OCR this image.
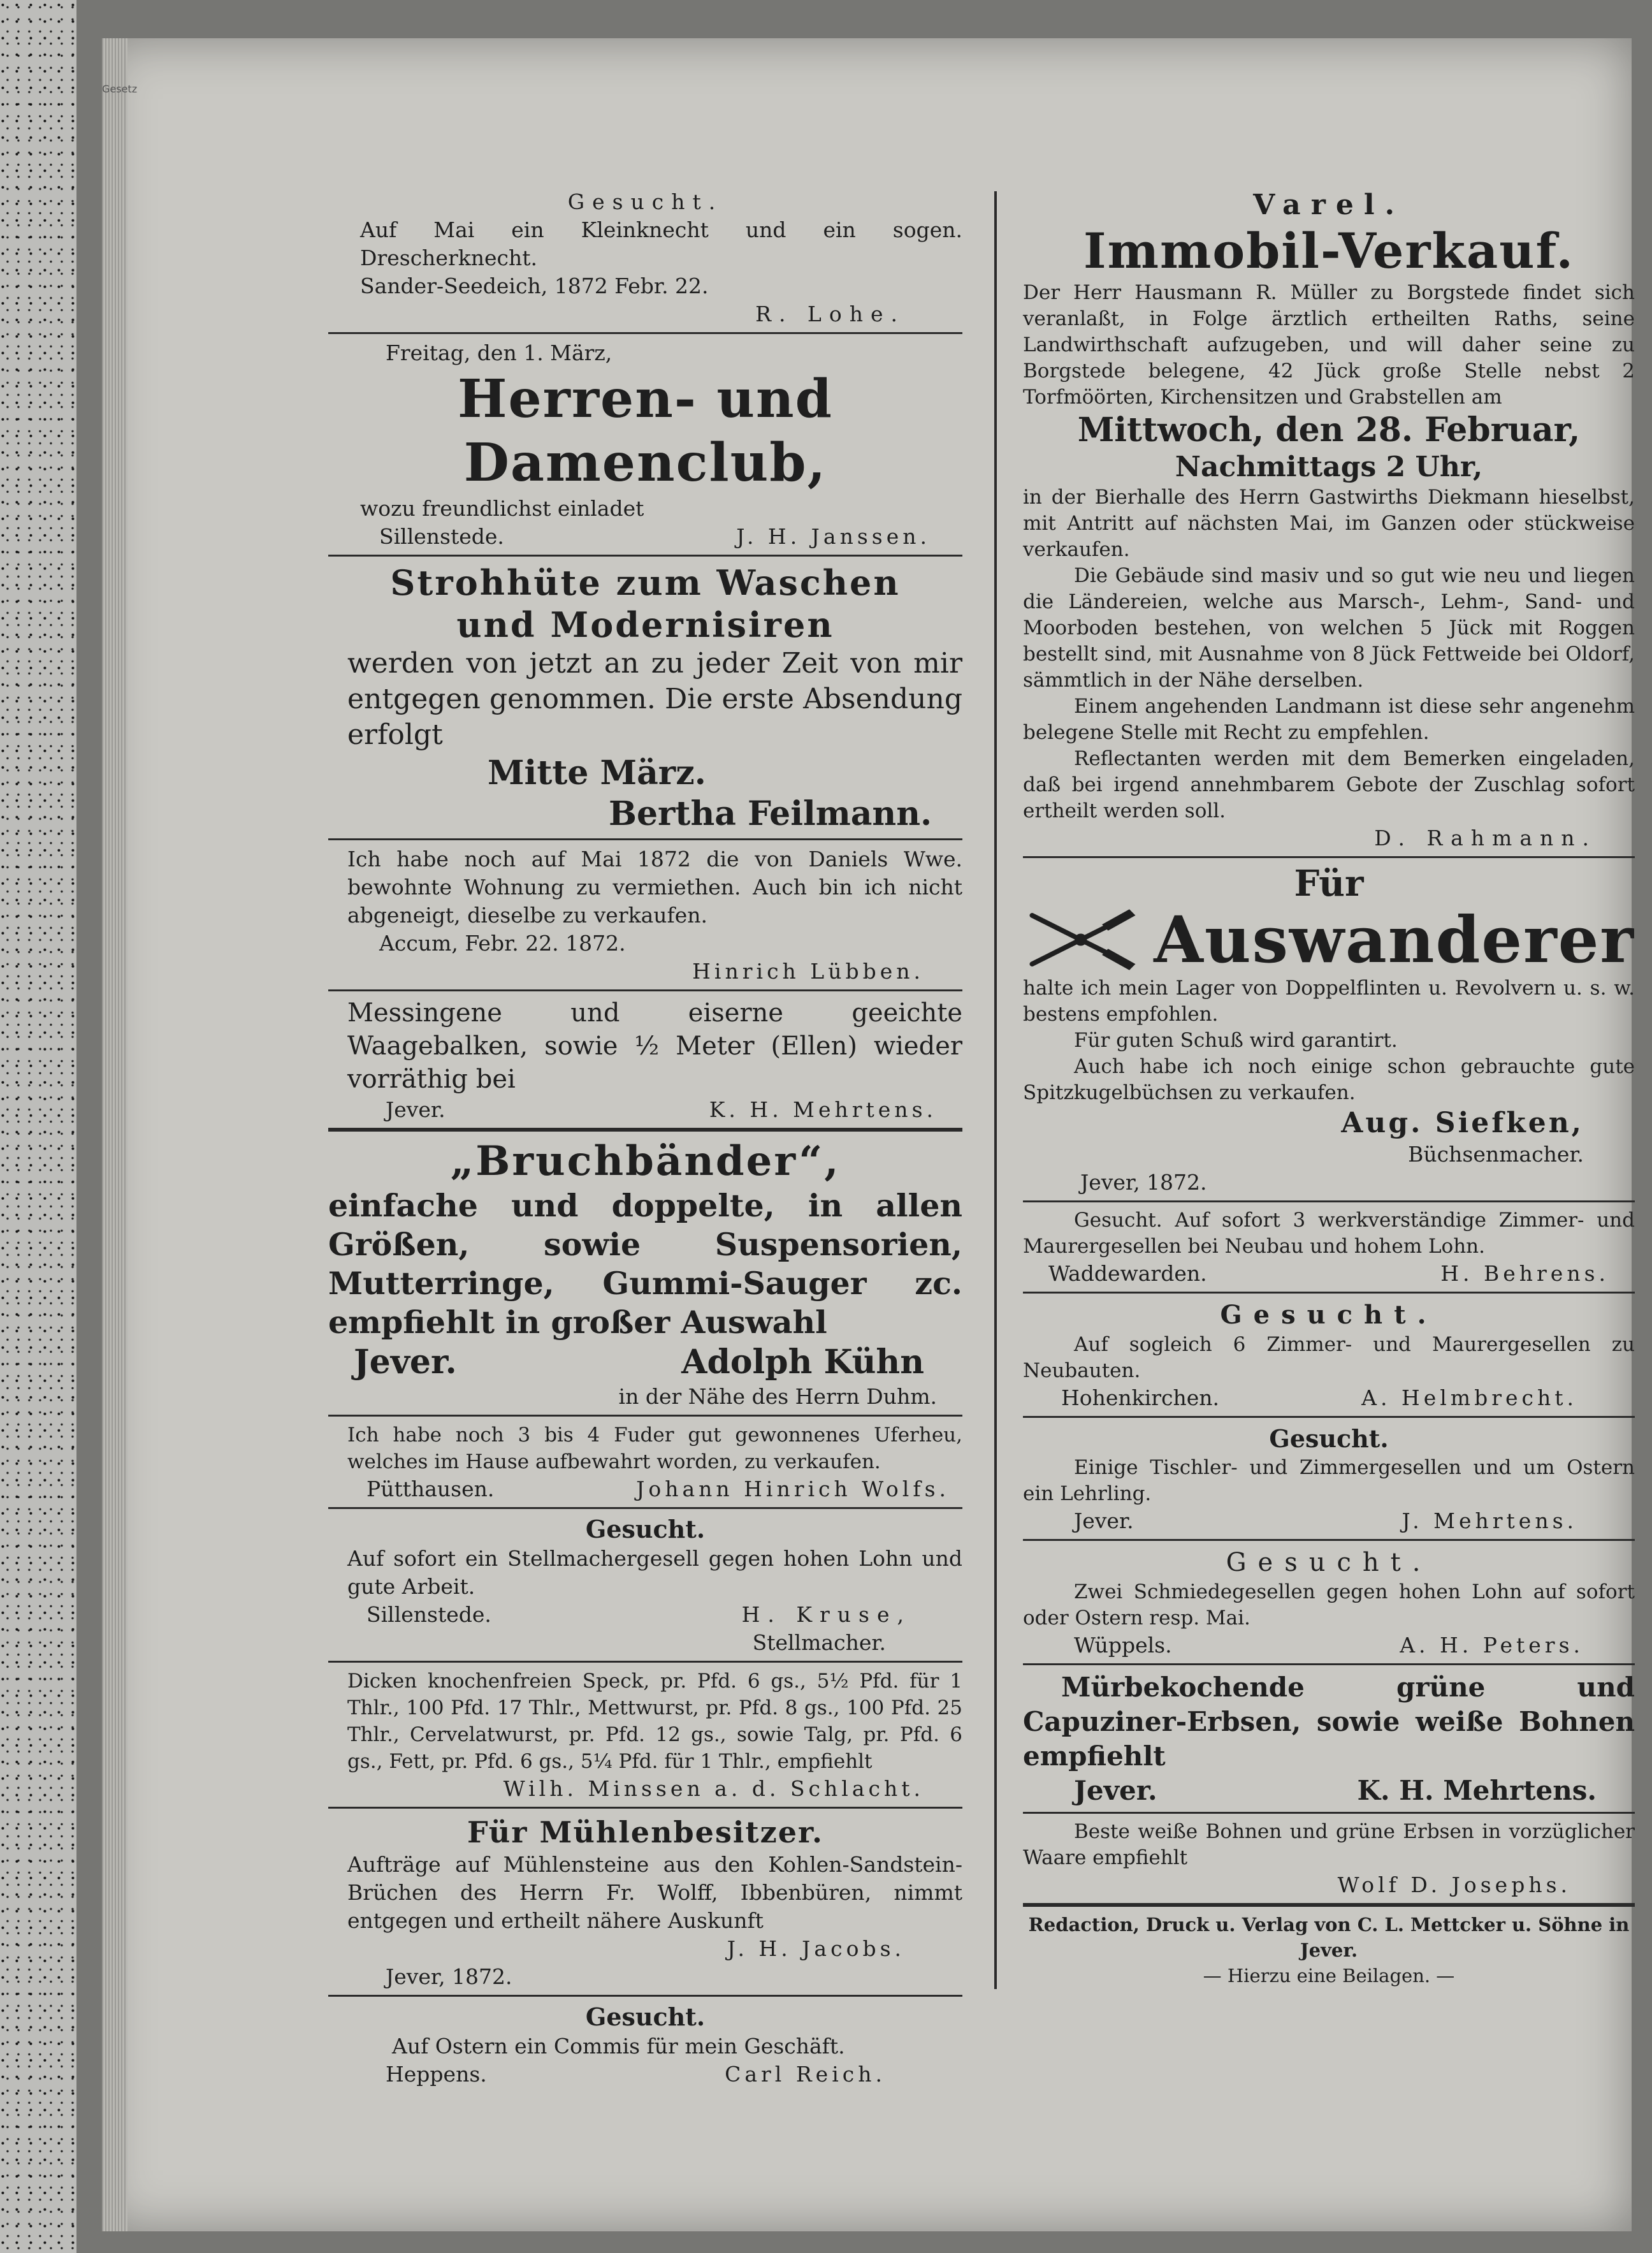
Gesetz

Gesucht.

Auf Mai ein Kleinknecht und ein sogen. Drescherknecht.

Sander-Seedeich, 1872 Febr. 22.

R. Lohe.

Freitag, den 1. März,

Herren- und Damenclub,

wozu freundlichst einladet

Sillenstede.	J. H. Janssen.

Strohhüte zum Waschen

und Modernisiren

werden von jetzt an zu jeder Zeit von mir entgegen genommen. Die erste Absendung erfolgt

Mitte März.

Bertha Feilmann.

Ich habe noch auf Mai 1872 die von Daniels Wwe. bewohnte Wohnung zu vermiethen. Auch bin ich nicht abgeneigt, dieselbe zu verkaufen.

Accum, Febr. 22. 1872.

Hinrich Lübben.

Messingene und eiserne geeichte Waagebalken, sowie ½ Meter (Ellen) wieder vorräthig bei

Jever.	K. H. Mehrtens.

„Bruchbänder“,

einfache und doppelte, in allen Größen, sowie Suspensorien, Mutterringe, Gummi-Sauger zc. empfiehlt in großer Auswahl

Jever.	Adolph Kühn

in der Nähe des Herrn Duhm.

Ich habe noch 3 bis 4 Fuder gut gewonnenes Uferheu, welches im Hause aufbewahrt worden, zu verkaufen.

Pütthausen.	Johann Hinrich Wolfs.

Gesucht.

Auf sofort ein Stellmachergesell gegen hohen Lohn und gute Arbeit.

Sillenstede.	H. Kruse,

Stellmacher.

Dicken knochenfreien Speck, pr. Pfd. 6 gs., 5½ Pfd. für 1 Thlr., 100 Pfd. 17 Thlr., Mettwurst, pr. Pfd. 8 gs., 100 Pfd. 25 Thlr., Cervelatwurst, pr. Pfd. 12 gs., sowie Talg, pr. Pfd. 6 gs., Fett, pr. Pfd. 6 gs., 5¼ Pfd. für 1 Thlr., empfiehlt

Wilh. Minssen a. d. Schlacht.

Für Mühlenbesitzer.

Aufträge auf Mühlensteine aus den Kohlen-Sandstein-Brüchen des Herrn Fr. Wolff, Ibbenbüren, nimmt entgegen und ertheilt nähere Auskunft

J. H. Jacobs.

Jever, 1872.

Gesucht.

Auf Ostern ein Commis für mein Geschäft.

Heppens.	Carl Reich.

Varel.

Immobil-Verkauf.

Der Herr Hausmann R. Müller zu Borgstede findet sich veranlaßt, in Folge ärztlich ertheilten Raths, seine Landwirthschaft aufzugeben, und will daher seine zu Borgstede belegene, 42 Jück große Stelle nebst 2 Torfmöörten, Kirchensitzen und Grabstellen am

Mittwoch, den 28. Februar,

Nachmittags 2 Uhr,

in der Bierhalle des Herrn Gastwirths Diekmann hieselbst, mit Antritt auf nächsten Mai, im Ganzen oder stückweise verkaufen.

Die Gebäude sind masiv und so gut wie neu und liegen die Ländereien, welche aus Marsch-, Lehm-, Sand- und Moorboden bestehen, von welchen 5 Jück mit Roggen bestellt sind, mit Ausnahme von 8 Jück Fettweide bei Oldorf, sämmtlich in der Nähe derselben.

Einem angehenden Landmann ist diese sehr angenehm belegene Stelle mit Recht zu empfehlen.

Reflectanten werden mit dem Bemerken eingeladen, daß bei irgend annehmbarem Gebote der Zuschlag sofort ertheilt werden soll.

D. Rahmann.

Für

Auswanderer

halte ich mein Lager von Doppelflinten u. Revolvern u. s. w. bestens empfohlen.

Für guten Schuß wird garantirt.

Auch habe ich noch einige schon gebrauchte gute Spitzkugelbüchsen zu verkaufen.

Aug. Siefken,

Büchsenmacher.

Jever, 1872.

Gesucht. Auf sofort 3 werkverständige Zimmer- und Maurergesellen bei Neubau und hohem Lohn.

Waddewarden.	H. Behrens.

Gesucht.

Auf sogleich 6 Zimmer- und Maurergesellen zu Neubauten.

Hohenkirchen.	A. Helmbrecht.

Gesucht.

Einige Tischler- und Zimmergesellen und um Ostern ein Lehrling.

Jever.	J. Mehrtens.

Gesucht.

Zwei Schmiedegesellen gegen hohen Lohn auf sofort oder Ostern resp. Mai.

Wüppels.	A. H. Peters.

Mürbekochende grüne und Capuziner-Erbsen, sowie weiße Bohnen empfiehlt

Jever.	K. H. Mehrtens.

Beste weiße Bohnen und grüne Erbsen in vorzüglicher Waare empfiehlt

Wolf D. Josephs.

Redaction, Druck u. Verlag von C. L. Mettcker u. Söhne in Jever.

— Hierzu eine Beilagen. —
